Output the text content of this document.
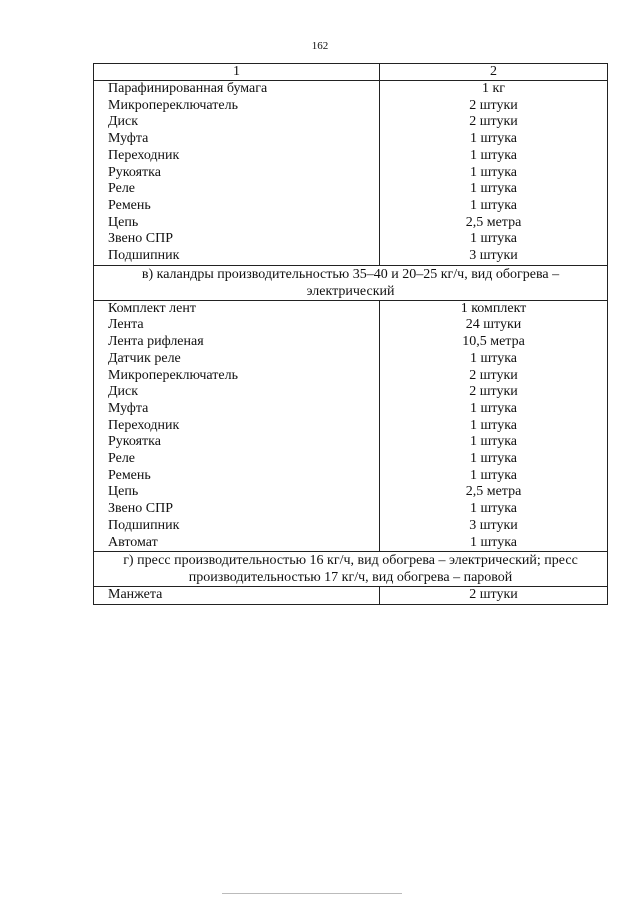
162
1	2
Парафинированная бумага	1 кг
Микропереключатель	2 штуки
Диск	2 штуки
Муфта	1 штука
Переходник	1 штука
Рукоятка	1 штука
Реле	1 штука
Ремень	1 штука
Цепь	2,5 метра
Звено СПР	1 штука
Подшипник	3 штуки
в) каландры производительностью 35–40 и 20–25 кг/ч, вид обогрева – электрический	
Комплект лент	1 комплект
Лента	24 штуки
Лента рифленая	10,5 метра
Датчик реле	1 штука
Микропереключатель	2 штуки
Диск	2 штуки
Муфта	1 штука
Переходник	1 штука
Рукоятка	1 штука
Реле	1 штука
Ремень	1 штука
Цепь	2,5 метра
Звено СПР	1 штука
Подшипник	3 штуки
Автомат	1 штука
г) пресс производительностью 16 кг/ч, вид обогрева – электрический; пресс производительностью 17 кг/ч, вид обогрева – паровой	
Манжета	2 штуки
